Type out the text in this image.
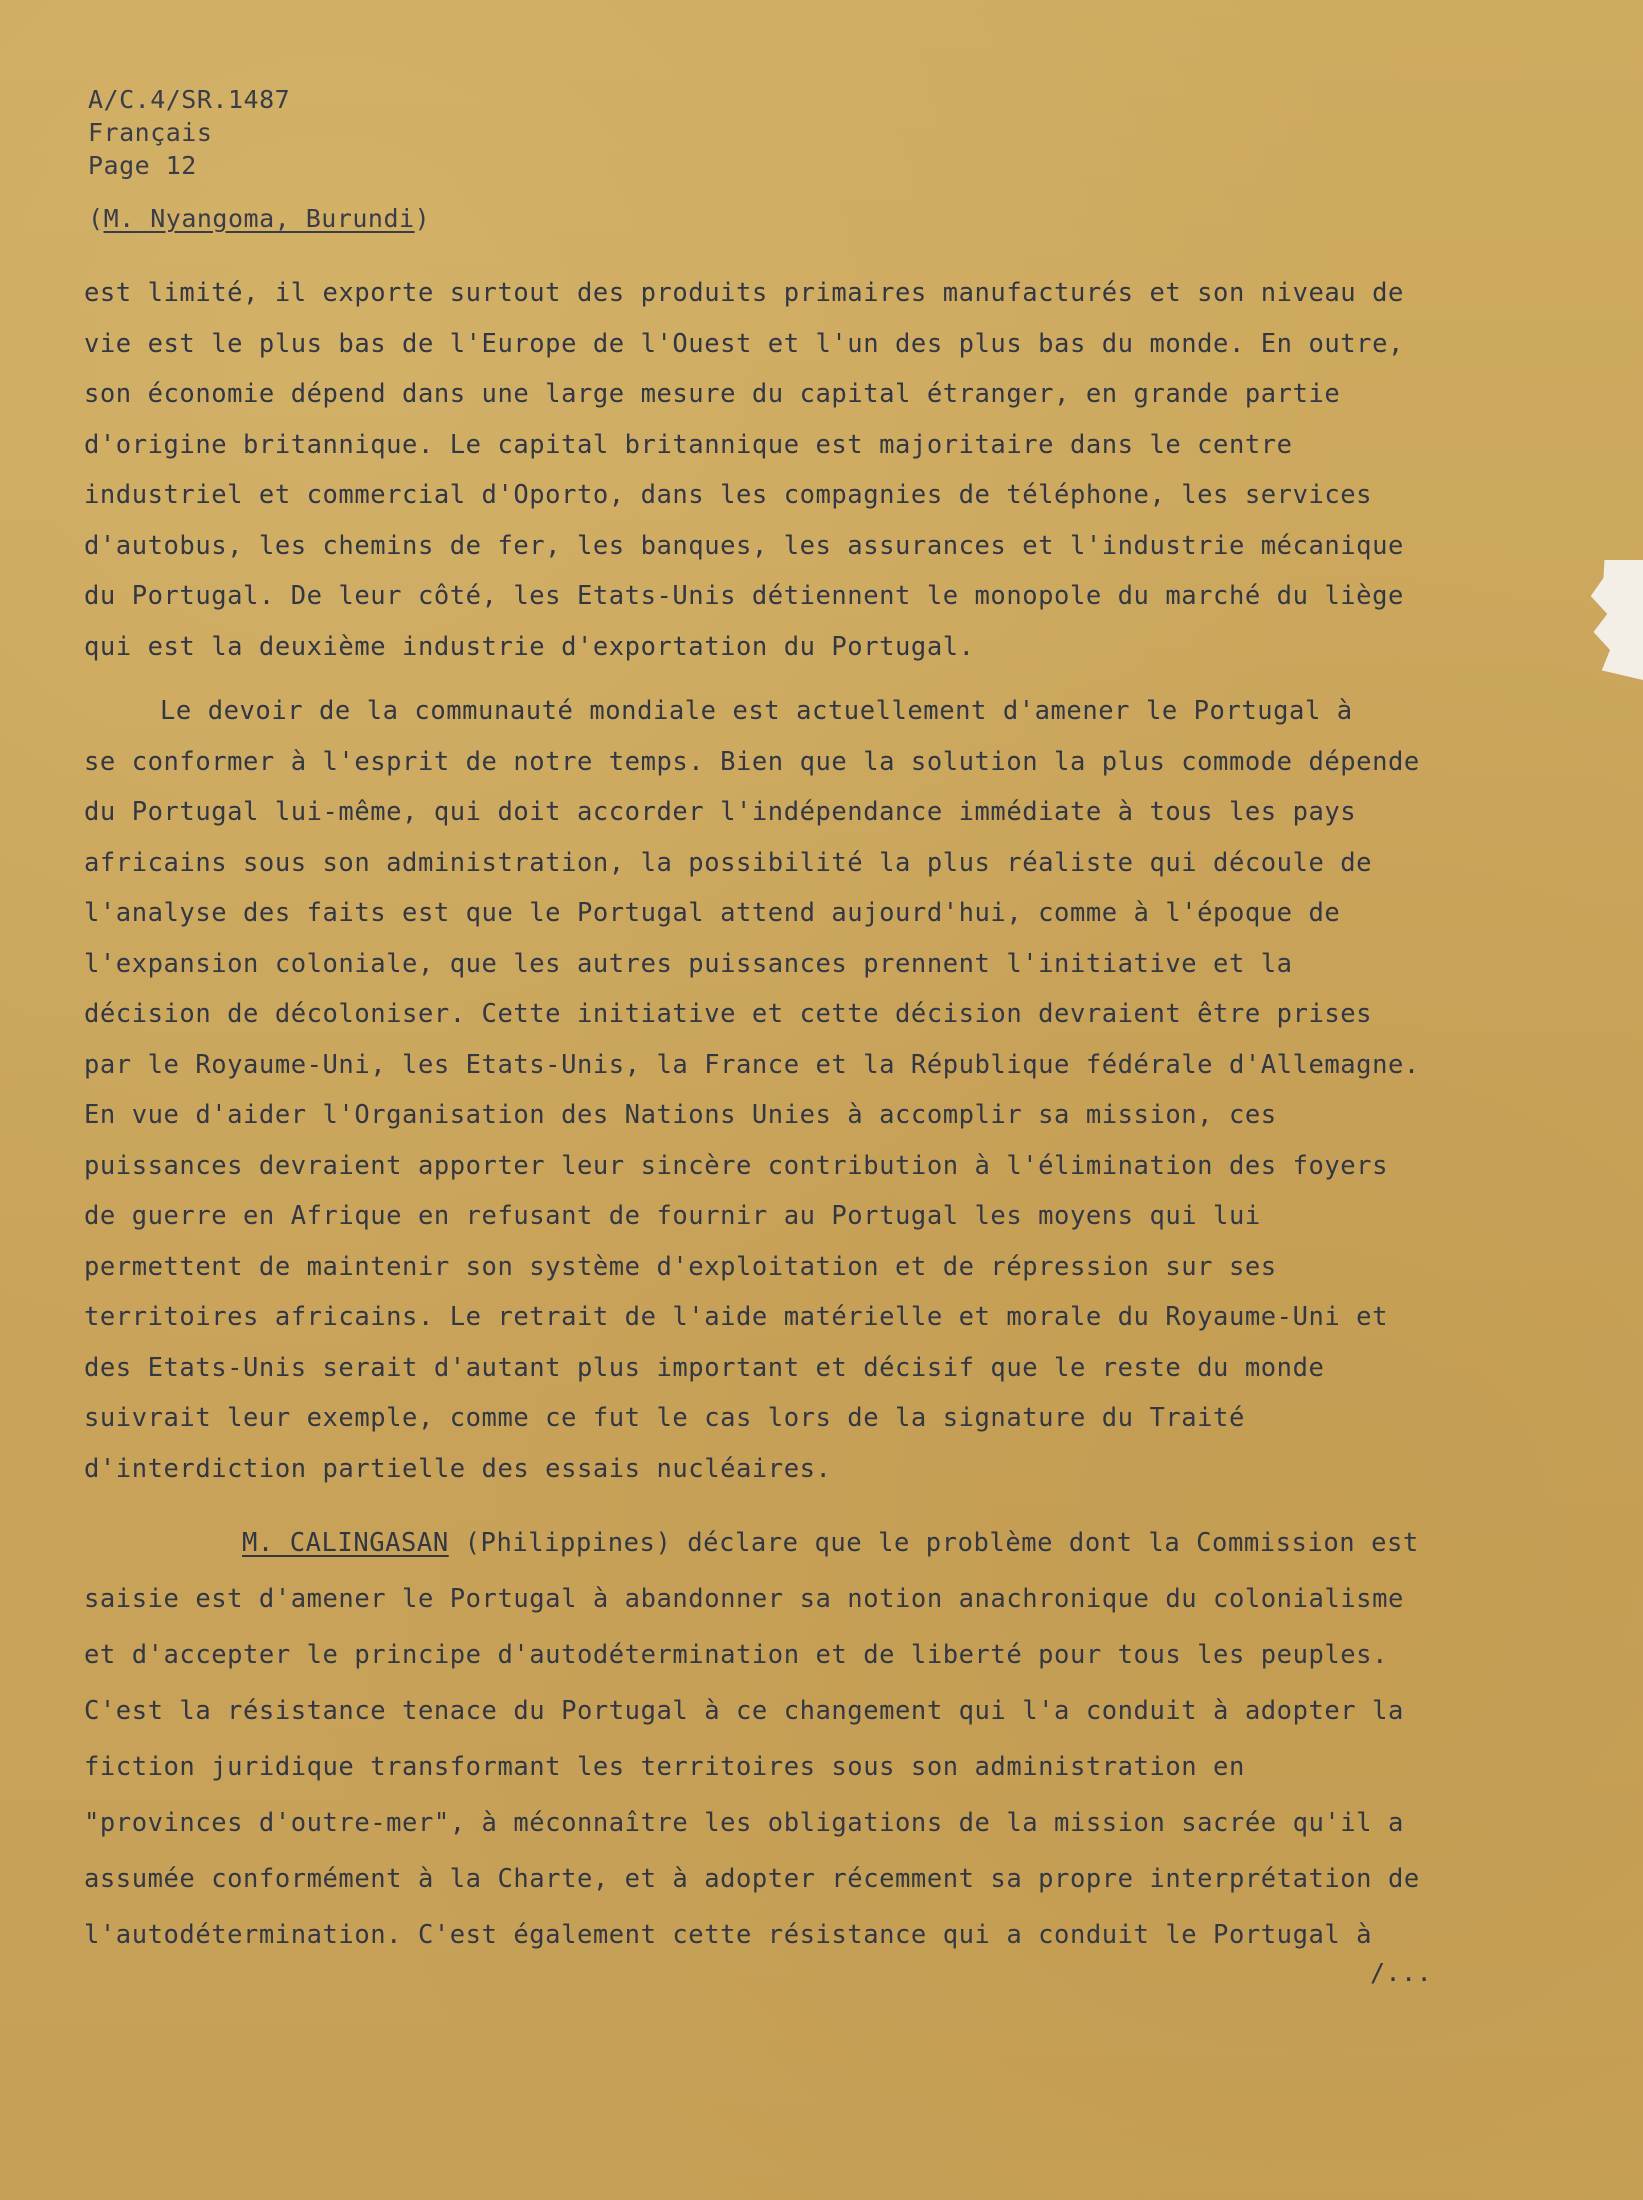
A/C.4/SR.1487
Français
Page 12
(M. Nyangoma, Burundi)
est limité, il exporte surtout des produits primaires manufacturés et son niveau de
vie est le plus bas de l'Europe de l'Ouest et l'un des plus bas du monde. En outre,
son économie dépend dans une large mesure du capital étranger, en grande partie
d'origine britannique. Le capital britannique est majoritaire dans le centre
industriel et commercial d'Oporto, dans les compagnies de téléphone, les services
d'autobus, les chemins de fer, les banques, les assurances et l'industrie mécanique
du Portugal. De leur côté, les Etats-Unis détiennent le monopole du marché du liège
qui est la deuxième industrie d'exportation du Portugal.
Le devoir de la communauté mondiale est actuellement d'amener le Portugal à
se conformer à l'esprit de notre temps. Bien que la solution la plus commode dépende
du Portugal lui-même, qui doit accorder l'indépendance immédiate à tous les pays
africains sous son administration, la possibilité la plus réaliste qui découle de
l'analyse des faits est que le Portugal attend aujourd'hui, comme à l'époque de
l'expansion coloniale, que les autres puissances prennent l'initiative et la
décision de décoloniser. Cette initiative et cette décision devraient être prises
par le Royaume-Uni, les Etats-Unis, la France et la République fédérale d'Allemagne.
En vue d'aider l'Organisation des Nations Unies à accomplir sa mission, ces
puissances devraient apporter leur sincère contribution à l'élimination des foyers
de guerre en Afrique en refusant de fournir au Portugal les moyens qui lui
permettent de maintenir son système d'exploitation et de répression sur ses
territoires africains. Le retrait de l'aide matérielle et morale du Royaume-Uni et
des Etats-Unis serait d'autant plus important et décisif que le reste du monde
suivrait leur exemple, comme ce fut le cas lors de la signature du Traité
d'interdiction partielle des essais nucléaires.
M. CALINGASAN (Philippines) déclare que le problème dont la Commission est
saisie est d'amener le Portugal à abandonner sa notion anachronique du colonialisme
et d'accepter le principe d'autodétermination et de liberté pour tous les peuples.
C'est la résistance tenace du Portugal à ce changement qui l'a conduit à adopter la
fiction juridique transformant les territoires sous son administration en
"provinces d'outre-mer", à méconnaître les obligations de la mission sacrée qu'il a
assumée conformément à la Charte, et à adopter récemment sa propre interprétation de
l'autodétermination. C'est également cette résistance qui a conduit le Portugal à
/...
